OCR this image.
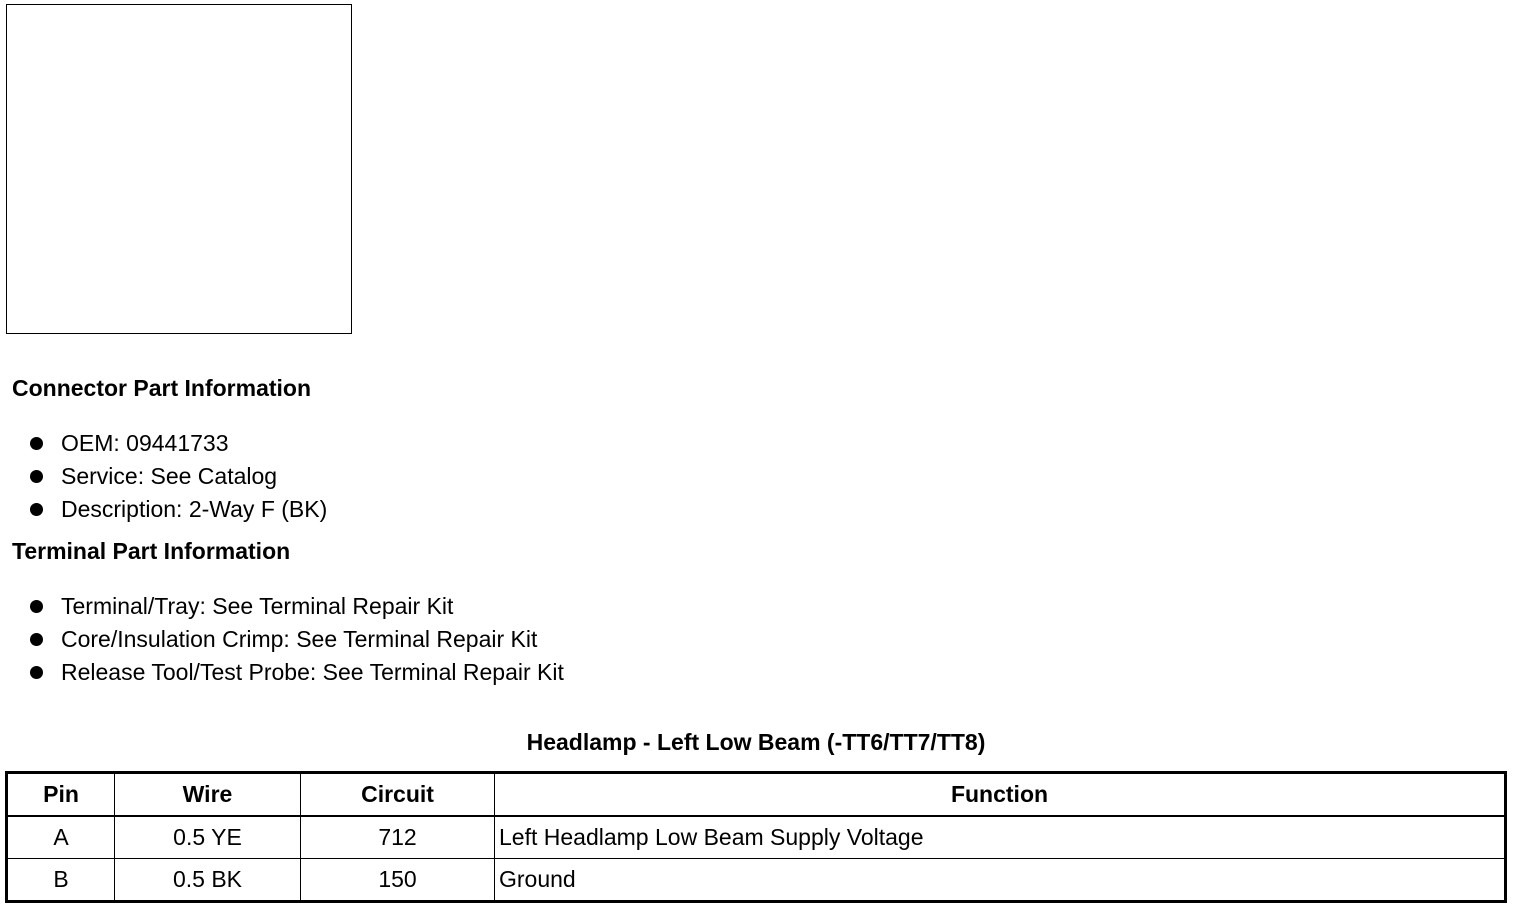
Connector Part Information
OEM: 09441733
Service: See Catalog
Description: 2-Way F (BK)
Terminal Part Information
Terminal/Tray: See Terminal Repair Kit
Core/Insulation Crimp: See Terminal Repair Kit
Release Tool/Test Probe: See Terminal Repair Kit
Headlamp - Left Low Beam (-TT6/TT7/TT8)
Pin	Wire	Circuit	Function
A	0.5 YE	712	Left Headlamp Low Beam Supply Voltage
B	0.5 BK	150	Ground
